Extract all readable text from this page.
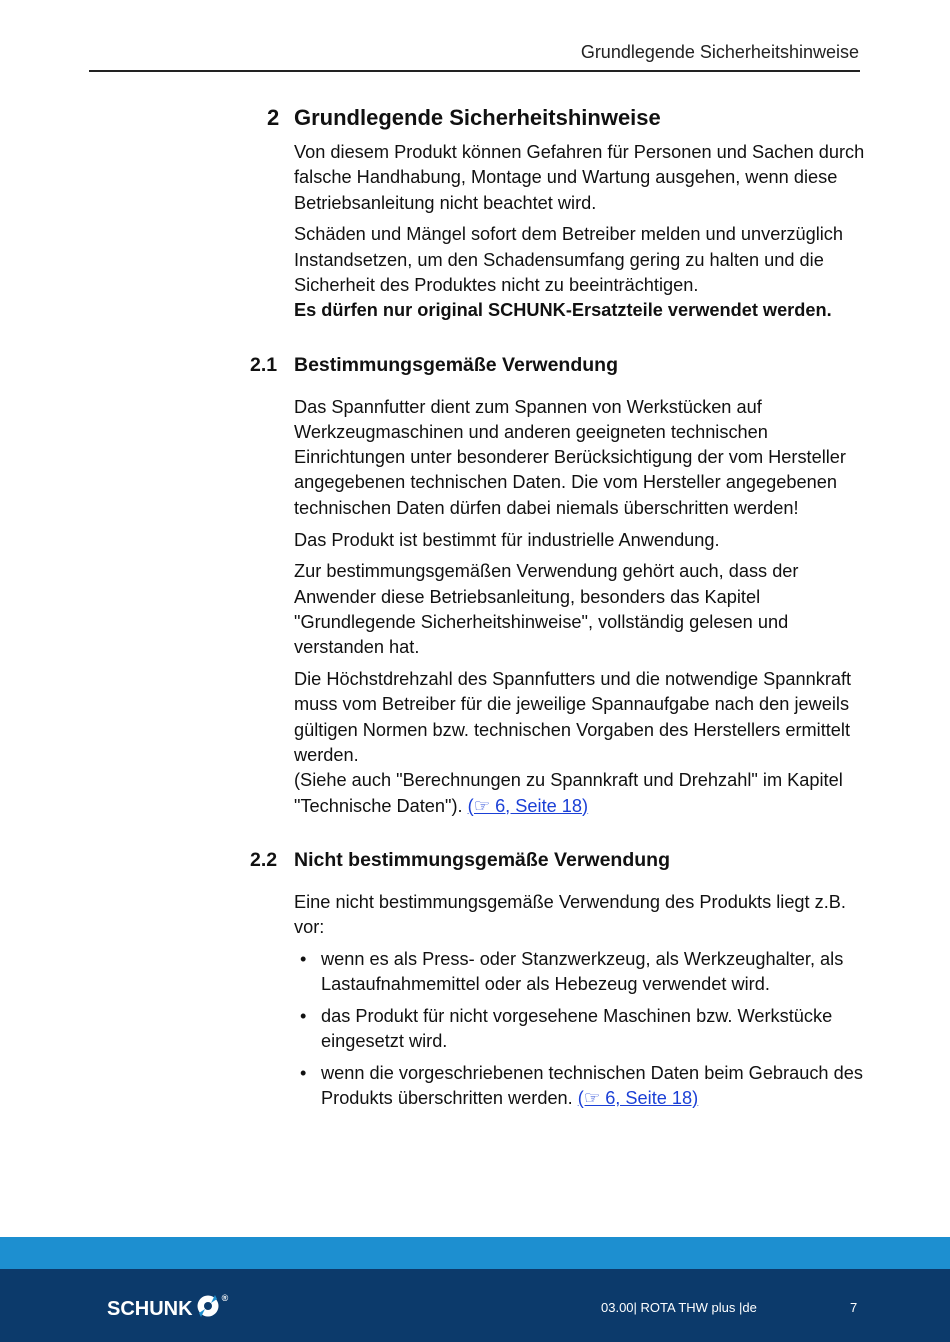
Grundlegende Sicherheitshinweise
2 Grundlegende Sicherheitshinweise

Von diesem Produkt können Gefahren für Personen und Sachen durch falsche Handhabung, Montage und Wartung ausgehen, wenn diese Betriebsanleitung nicht beachtet wird.

Schäden und Mängel sofort dem Betreiber melden und unverzüglich Instandsetzen, um den Schadensumfang gering zu halten und die Sicherheit des Produktes nicht zu beeinträchtigen.
Es dürfen nur original SCHUNK-Ersatzteile verwendet werden.

2.1 Bestimmungsgemäße Verwendung

Das Spannfutter dient zum Spannen von Werkstücken auf Werkzeugmaschinen und anderen geeigneten technischen Einrichtungen unter besonderer Berücksichtigung der vom Hersteller angegebenen technischen Daten. Die vom Hersteller angegebenen technischen Daten dürfen dabei niemals überschritten werden!

Das Produkt ist bestimmt für industrielle Anwendung.

Zur bestimmungsgemäßen Verwendung gehört auch, dass der Anwender diese Betriebsanleitung, besonders das Kapitel "Grundlegende Sicherheitshinweise", vollständig gelesen und verstanden hat.

Die Höchstdrehzahl des Spannfutters und die notwendige Spannkraft muss vom Betreiber für die jeweilige Spannaufgabe nach den jeweils gültigen Normen bzw. technischen Vorgaben des Herstellers ermittelt werden.
(Siehe auch "Berechnungen zu Spannkraft und Drehzahl" im Kapitel "Technische Daten"). (☞ 6, Seite 18)

2.2 Nicht bestimmungsgemäße Verwendung

Eine nicht bestimmungsgemäße Verwendung des Produkts liegt z.B. vor:

• wenn es als Press- oder Stanzwerkzeug, als Werkzeughalter, als Lastaufnahmemittel oder als Hebezeug verwendet wird.
• das Produkt für nicht vorgesehene Maschinen bzw. Werkstücke eingesetzt wird.
• wenn die vorgeschriebenen technischen Daten beim Gebrauch des Produkts überschritten werden. (☞ 6, Seite 18)
SCHUNK	®
03.00| ROTA THW plus |de	7
